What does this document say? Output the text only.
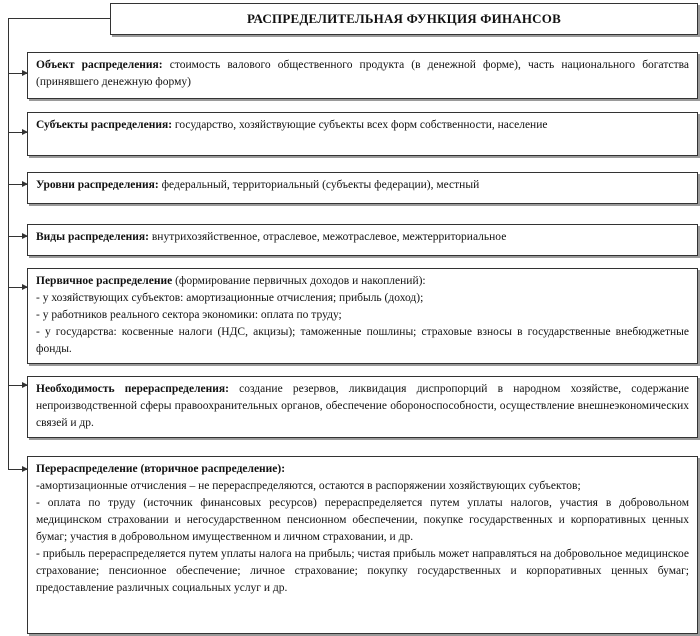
РАСПРЕДЕЛИТЕЛЬНАЯ ФУНКЦИЯ ФИНАНСОВ
Объект распределения: стоимость валового общественного продукта (в денежной форме), часть национального богатства (принявшего денежную форму)
Субъекты распределения: государство, хозяйствующие субъекты всех форм собственности, население
Уровни распределения: федеральный, территориальный (субъекты федерации), местный
Виды распределения: внутрихозяйственное, отраслевое, межотраслевое, межтерриториальное
Первичное распределение (формирование первичных доходов и накоплений):
- у хозяйствующих субъектов: амортизационные отчисления; прибыль (доход);
- у работников реального сектора экономики: оплата по труду;
- у государства: косвенные налоги (НДС, акцизы); таможенные пошлины; страховые взносы в государственные внебюджетные фонды.
Необходимость перераспределения: создание резервов, ликвидация диспропорций в народном хозяйстве, содержание непроизводственной сферы правоохранительных органов, обеспечение обороноспособности, осуществление внешнеэкономических связей и др.
Перераспределение (вторичное распределение):
-амортизационные отчисления – не перераспределяются, остаются в распоряжении хозяйствующих субъектов;
- оплата по труду (источник финансовых ресурсов) перераспределяется путем уплаты налогов, участия в добровольном медицинском страховании и негосударственном пенсионном обеспечении, покупке государственных и корпоративных ценных бумаг; участия в добровольном имущественном и личном страховании, и др.
- прибыль перераспределяется путем уплаты налога на прибыль; чистая прибыль может направляться на добровольное медицинское страхование; пенсионное обеспечение; личное страхование; покупку государственных и корпоративных ценных бумаг; предоставление различных социальных услуг и др.
